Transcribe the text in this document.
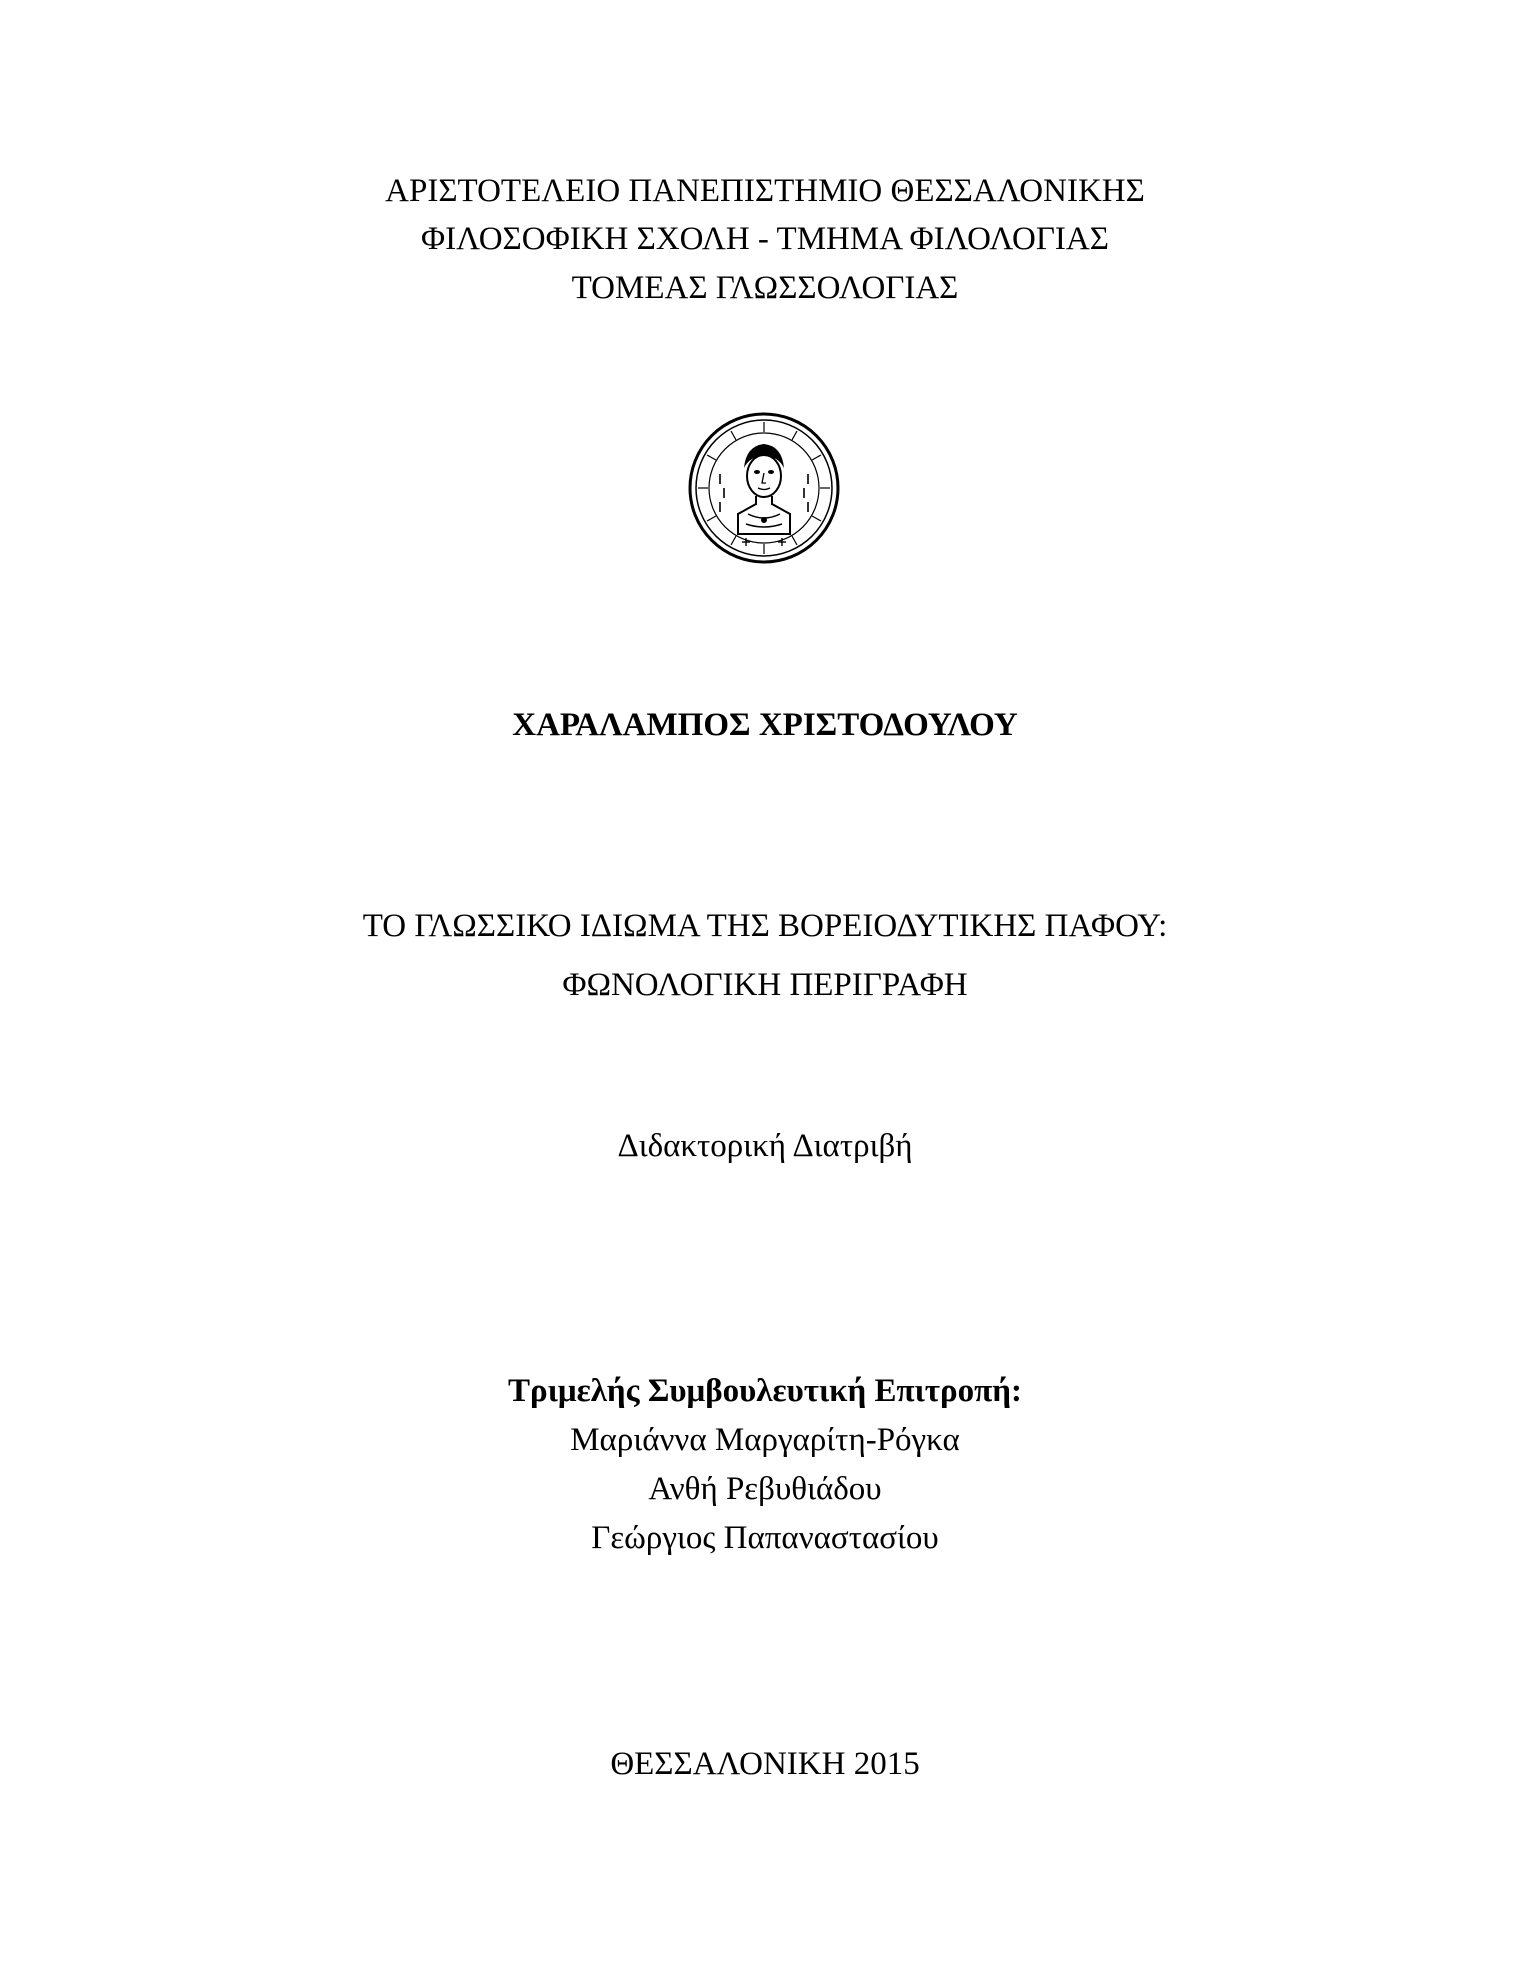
ΑΡΙΣΤΟΤΕΛΕΙΟ ΠΑΝΕΠΙΣΤΗΜΙΟ ΘΕΣΣΑΛΟΝΙΚΗΣ
ΦΙΛΟΣΟΦΙΚΗ ΣΧΟΛΗ - ΤΜΗΜΑ ΦΙΛΟΛΟΓΙΑΣ
ΤΟΜΕΑΣ ΓΛΩΣΣΟΛΟΓΙΑΣ
ΧΑΡΑΛΑΜΠΟΣ ΧΡΙΣΤΟΔΟΥΛΟΥ
ΤΟ ΓΛΩΣΣΙΚΟ ΙΔΙΩΜΑ ΤΗΣ ΒΟΡΕΙΟΔΥΤΙΚΗΣ ΠΑΦΟΥ:
ΦΩΝΟΛΟΓΙΚΗ ΠΕΡΙΓΡΑΦΗ
Διδακτορική Διατριβή
Τριμελής Συμβουλευτική Επιτροπή:
Μαριάννα Μαργαρίτη-Ρόγκα
Ανθή Ρεβυθιάδου
Γεώργιος Παπαναστασίου
ΘΕΣΣΑΛΟΝΙΚΗ 2015
